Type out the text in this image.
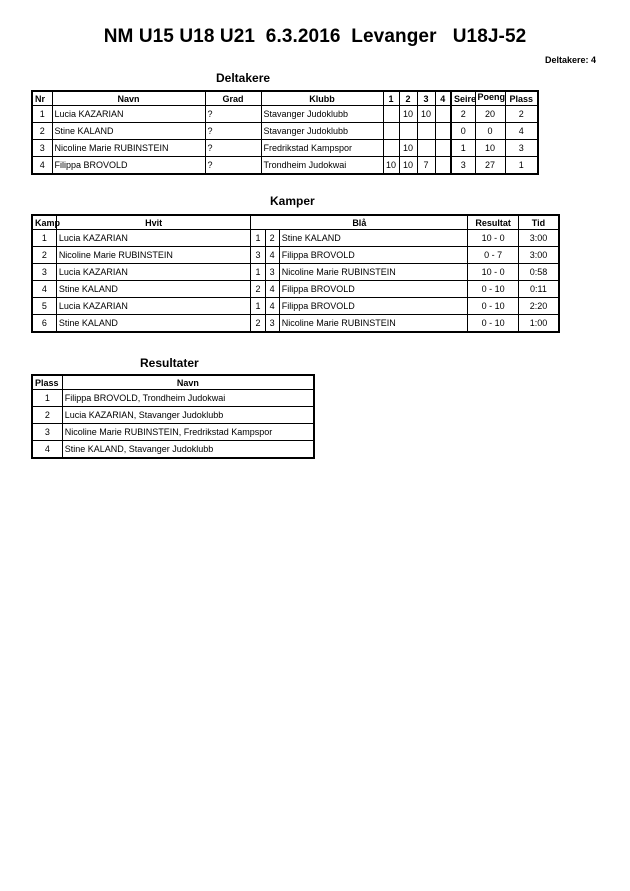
NM U15 U18 U21  6.3.2016  Levanger   U18J-52
Deltakere: 4
Deltakere
Nr	Navn	Grad	Klubb	1	2	3	4	Seire	Poeng	Plass
1	Lucia KAZARIAN	?	Stavanger Judoklubb		10	10		2	20	2
2	Stine KALAND	?	Stavanger Judoklubb					0	0	4
3	Nicoline Marie RUBINSTEIN	?	Fredrikstad Kampspor		10			1	10	3
4	Filippa BROVOLD	?	Trondheim Judokwai	10	10	7		3	27	1
Kamper
Kamp	Hvit	Blå			Resultat	Tid
1	Lucia KAZARIAN	1	2	Stine KALAND	10 - 0	3:00
2	Nicoline Marie RUBINSTEIN	3	4	Filippa BROVOLD	0 - 7	3:00
3	Lucia KAZARIAN	1	3	Nicoline Marie RUBINSTEIN	10 - 0	0:58
4	Stine KALAND	2	4	Filippa BROVOLD	0 - 10	0:11
5	Lucia KAZARIAN	1	4	Filippa BROVOLD	0 - 10	2:20
6	Stine KALAND	2	3	Nicoline Marie RUBINSTEIN	0 - 10	1:00
Resultater
Plass	Navn
1	Filippa BROVOLD, Trondheim Judokwai
2	Lucia KAZARIAN, Stavanger Judoklubb
3	Nicoline Marie RUBINSTEIN, Fredrikstad Kampspor
4	Stine KALAND, Stavanger Judoklubb
